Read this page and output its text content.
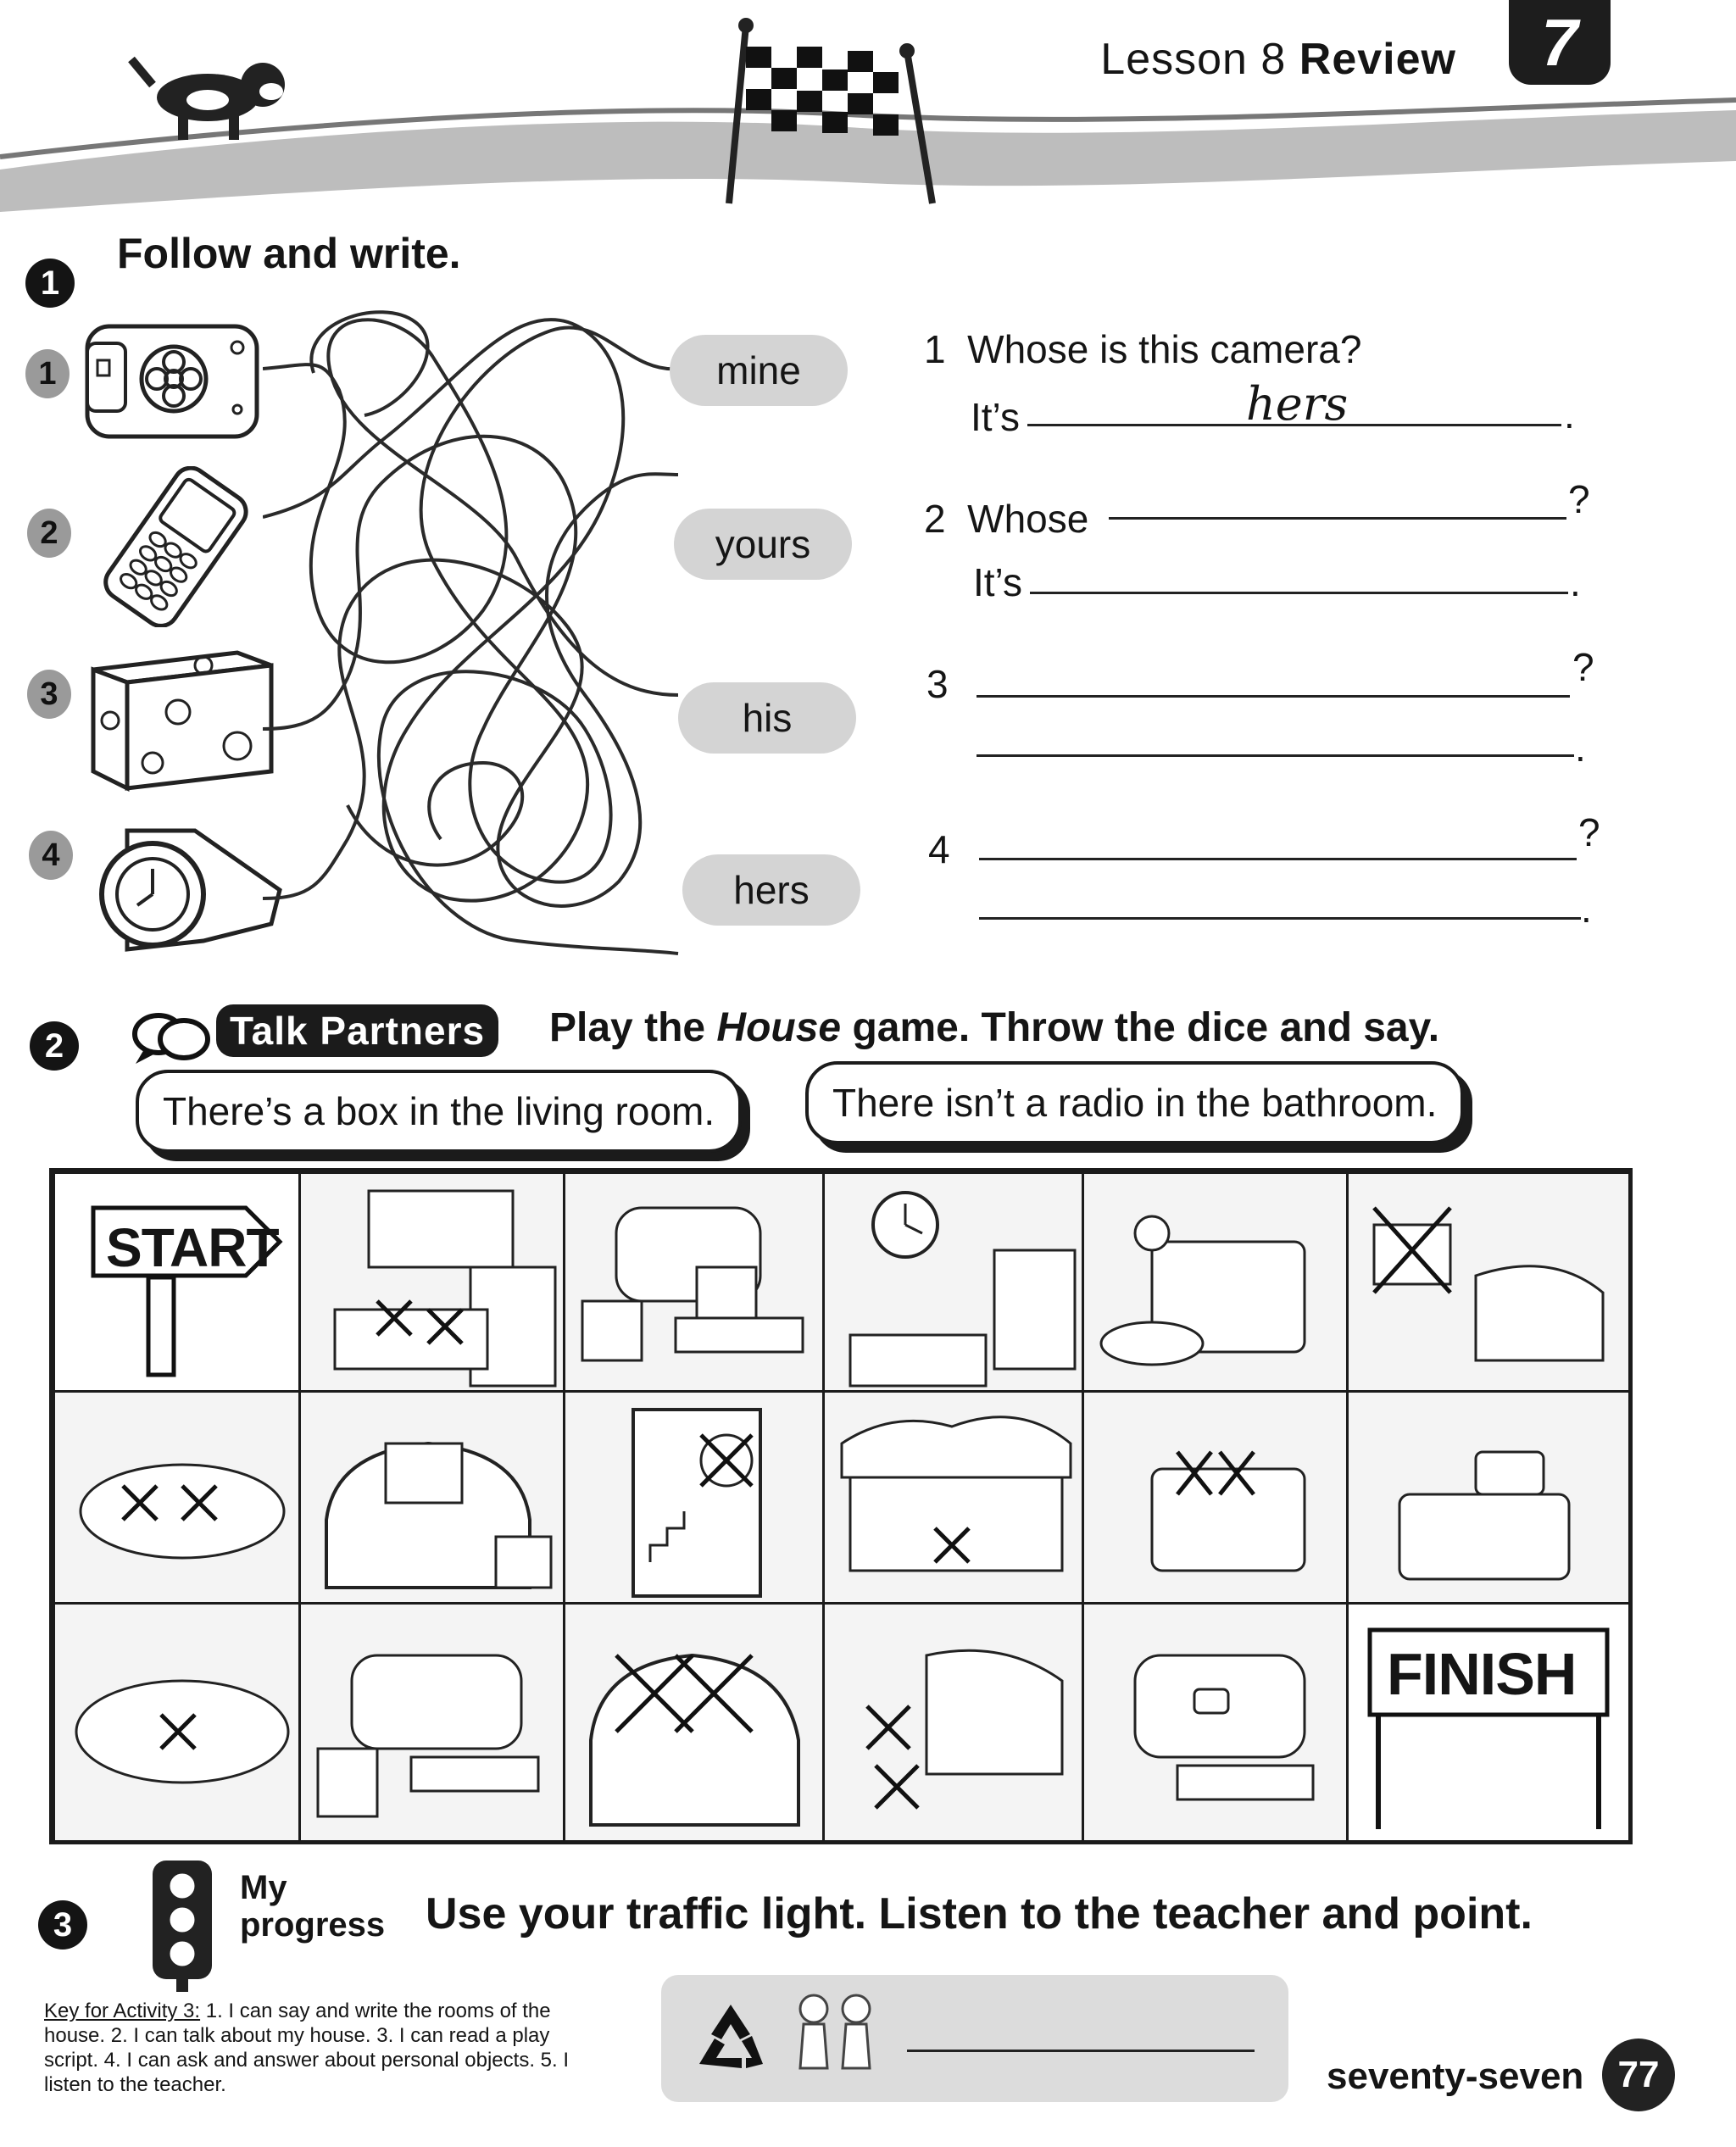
Lesson 8 Review	7
1
Follow and write.
1
2
3
4
mine
yours
his
hers
1 Whose is this camera?
It’s	hers	.
2 Whose	?
It’s	.
3	?
.
4	?
.
2	Talk Partners	Play the House game. Throw the dice and say.
There’s a box in the living room.	There isn’t a radio in the bathroom.
START
FINISH
3
My
progress Use your traffic light. Listen to the teacher and point.
Key for Activity 3: 1. I can say and write the rooms of the house. 2. I can talk about my house. 3. I can read a play script. 4. I can ask and answer about personal objects. 5. I listen to the teacher.	seventy-seven 77
